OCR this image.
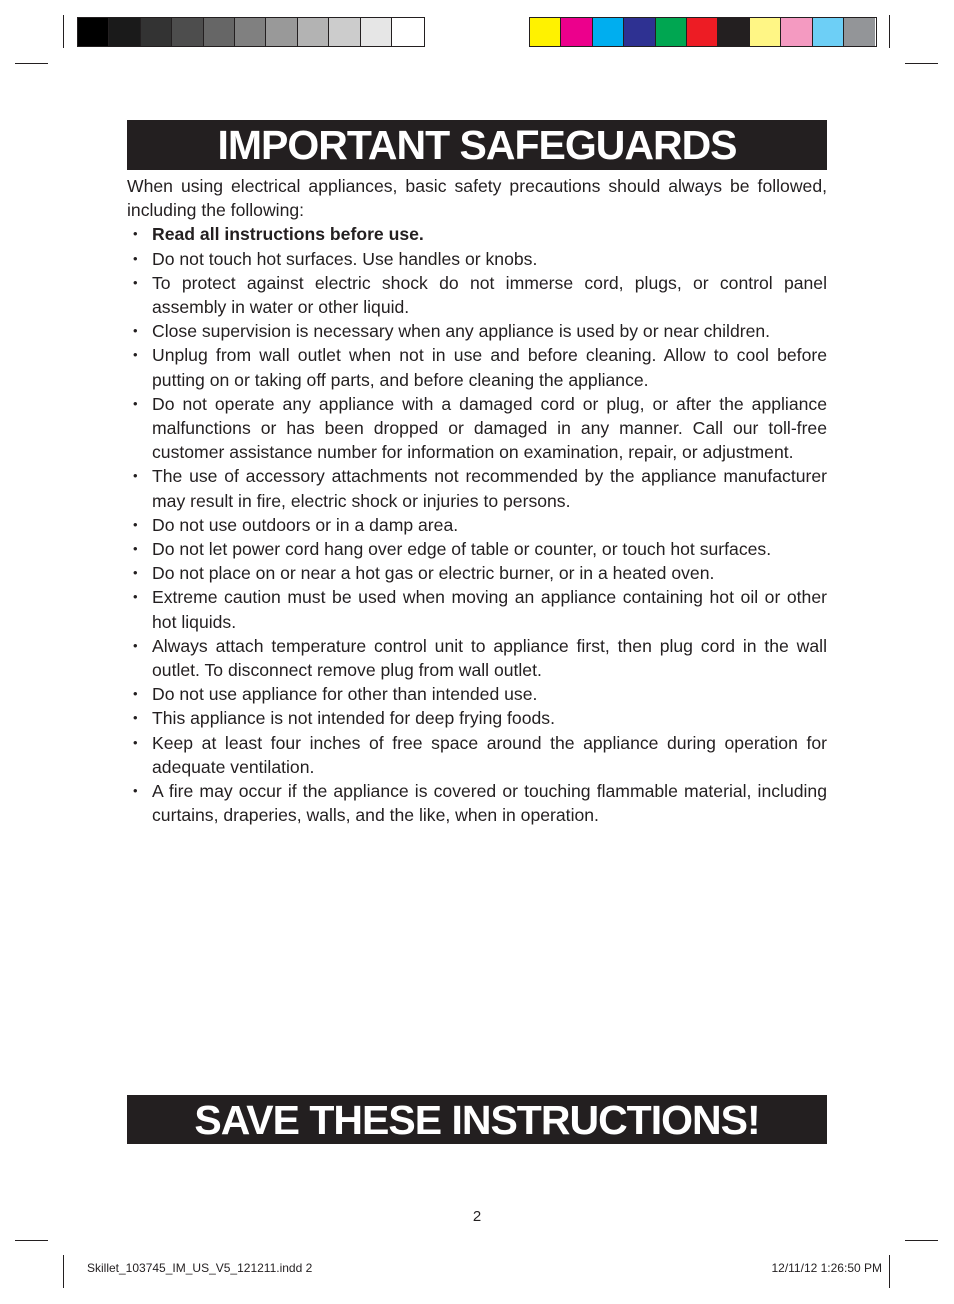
IMPORTANT SAFEGUARDS

When using electrical appliances, basic safety precautions should always be followed, including the following:

• Read all instructions before use.
• Do not touch hot surfaces. Use handles or knobs.
• To protect against electric shock do not immerse cord, plugs, or control panel assembly in water or other liquid.
• Close supervision is necessary when any appliance is used by or near children.
• Unplug from wall outlet when not in use and before cleaning. Allow to cool before putting on or taking off parts, and before cleaning the appliance.
• Do not operate any appliance with a damaged cord or plug, or after the appliance malfunctions or has been dropped or damaged in any manner. Call our toll-free customer assistance number for information on examination, repair, or adjustment.
• The use of accessory attachments not recommended by the appliance manufacturer may result in fire, electric shock or injuries to persons.
• Do not use outdoors or in a damp area.
• Do not let power cord hang over edge of table or counter, or touch hot surfaces.
• Do not place on or near a hot gas or electric burner, or in a heated oven.
• Extreme caution must be used when moving an appliance containing hot oil or other hot liquids.
• Always attach temperature control unit to appliance first, then plug cord in the wall outlet. To disconnect remove plug from wall outlet.
• Do not use appliance for other than intended use.
• This appliance is not intended for deep frying foods.
• Keep at least four inches of free space around the appliance during operation for adequate ventilation.
• A fire may occur if the appliance is covered or touching flammable material, including curtains, draperies, walls, and the like, when in operation.
SAVE THESE INSTRUCTIONS!
2
Skillet_103745_IM_US_V5_121211.indd 2	12/11/12 1:26:50 PM
